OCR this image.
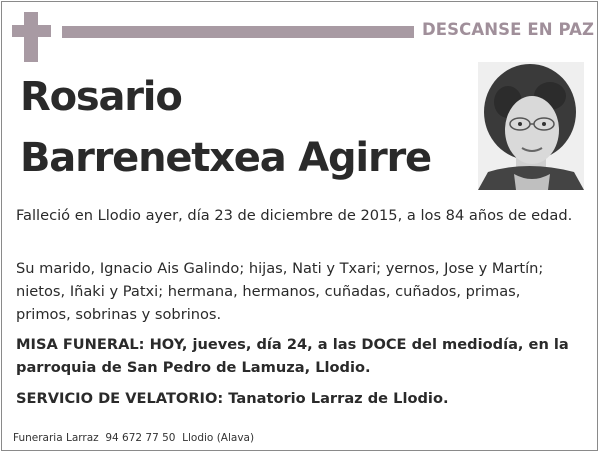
DESCANSE EN PAZ
Rosario
Barrenetxea Agirre
Falleció en Llodio ayer, día 23 de diciembre de 2015, a los 84 años de edad.
Su marido, Ignacio Ais Galindo; hijas, Nati y Txari; yernos, Jose y Martín; nietos, Iñaki y Patxi; hermana, hermanos, cuñadas, cuñados, primas, primos, sobrinas y sobrinos.
MISA FUNERAL: HOY, jueves, día 24, a las DOCE del mediodía, en la parroquia de San Pedro de Lamuza, Llodio.
SERVICIO DE VELATORIO: Tanatorio Larraz de Llodio.
Funeraria Larraz  94 672 77 50  Llodio (Alava)
